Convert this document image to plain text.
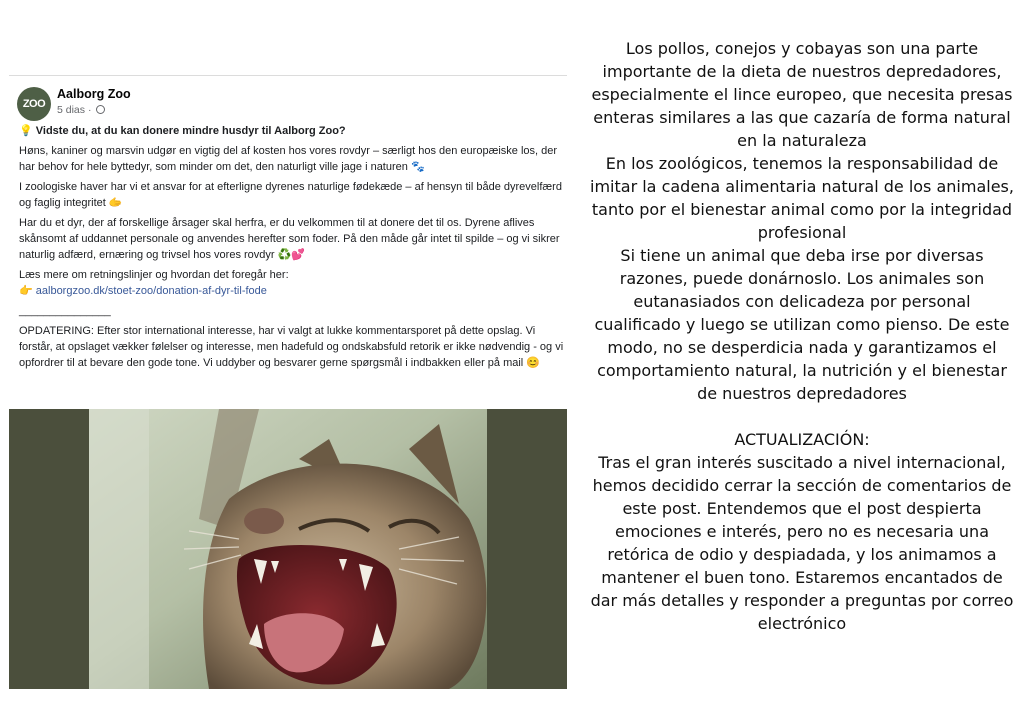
ZOO
Aalborg Zoo
5 dias ·

💡 Vidste du, at du kan donere mindre husdyr til Aalborg Zoo?

Høns, kaniner og marsvin udgør en vigtig del af kosten hos vores rovdyr – særligt hos den europæiske los, der har behov for hele byttedyr, som minder om det, den naturligt ville jage i naturen 🐾

I zoologiske haver har vi et ansvar for at efterligne dyrenes naturlige fødekæde – af hensyn til både dyrevelfærd og faglig integritet 🫱

Har du et dyr, der af forskellige årsager skal herfra, er du velkommen til at donere det til os. Dyrene aflives skånsomt af uddannet personale og anvendes herefter som foder. På den måde går intet til spilde – og vi sikrer naturlig adfærd, ernæring og trivsel hos vores rovdyr ♻️💕

Læs mere om retningslinjer og hvordan det foregår her:

👉 aalborgzoo.dk/stoet-zoo/donation-af-dyr-til-fode

_______________

OPDATERING: Efter stor international interesse, har vi valgt at lukke kommentarsporet på dette opslag. Vi forstår, at opslaget vækker følelser og interesse, men hadefuld og ondskabsfuld retorik er ikke nødvendig - og vi opfordrer til at bevare den gode tone. Vi uddyber og besvarer gerne spørgsmål i indbakken eller på mail 😊

Los pollos, conejos y cobayas son una parte importante de la dieta de nuestros depredadores, especialmente el lince europeo, que necesita presas enteras similares a las que cazaría de forma natural en la naturaleza

En los zoológicos, tenemos la responsabilidad de imitar la cadena alimentaria natural de los animales, tanto por el bienestar animal como por la integridad profesional

Si tiene un animal que deba irse por diversas razones, puede donárnoslo. Los animales son eutanasiados con delicadeza por personal cualificado y luego se utilizan como pienso. De este modo, no se desperdicia nada y garantizamos el comportamiento natural, la nutrición y el bienestar de nuestros depredadores

ACTUALIZACIÓN:

Tras el gran interés suscitado a nivel internacional, hemos decidido cerrar la sección de comentarios de este post. Entendemos que el post despierta emociones e interés, pero no es necesaria una retórica de odio y despiadada, y los animamos a mantener el buen tono. Estaremos encantados de dar más detalles y responder a preguntas por correo electrónico
